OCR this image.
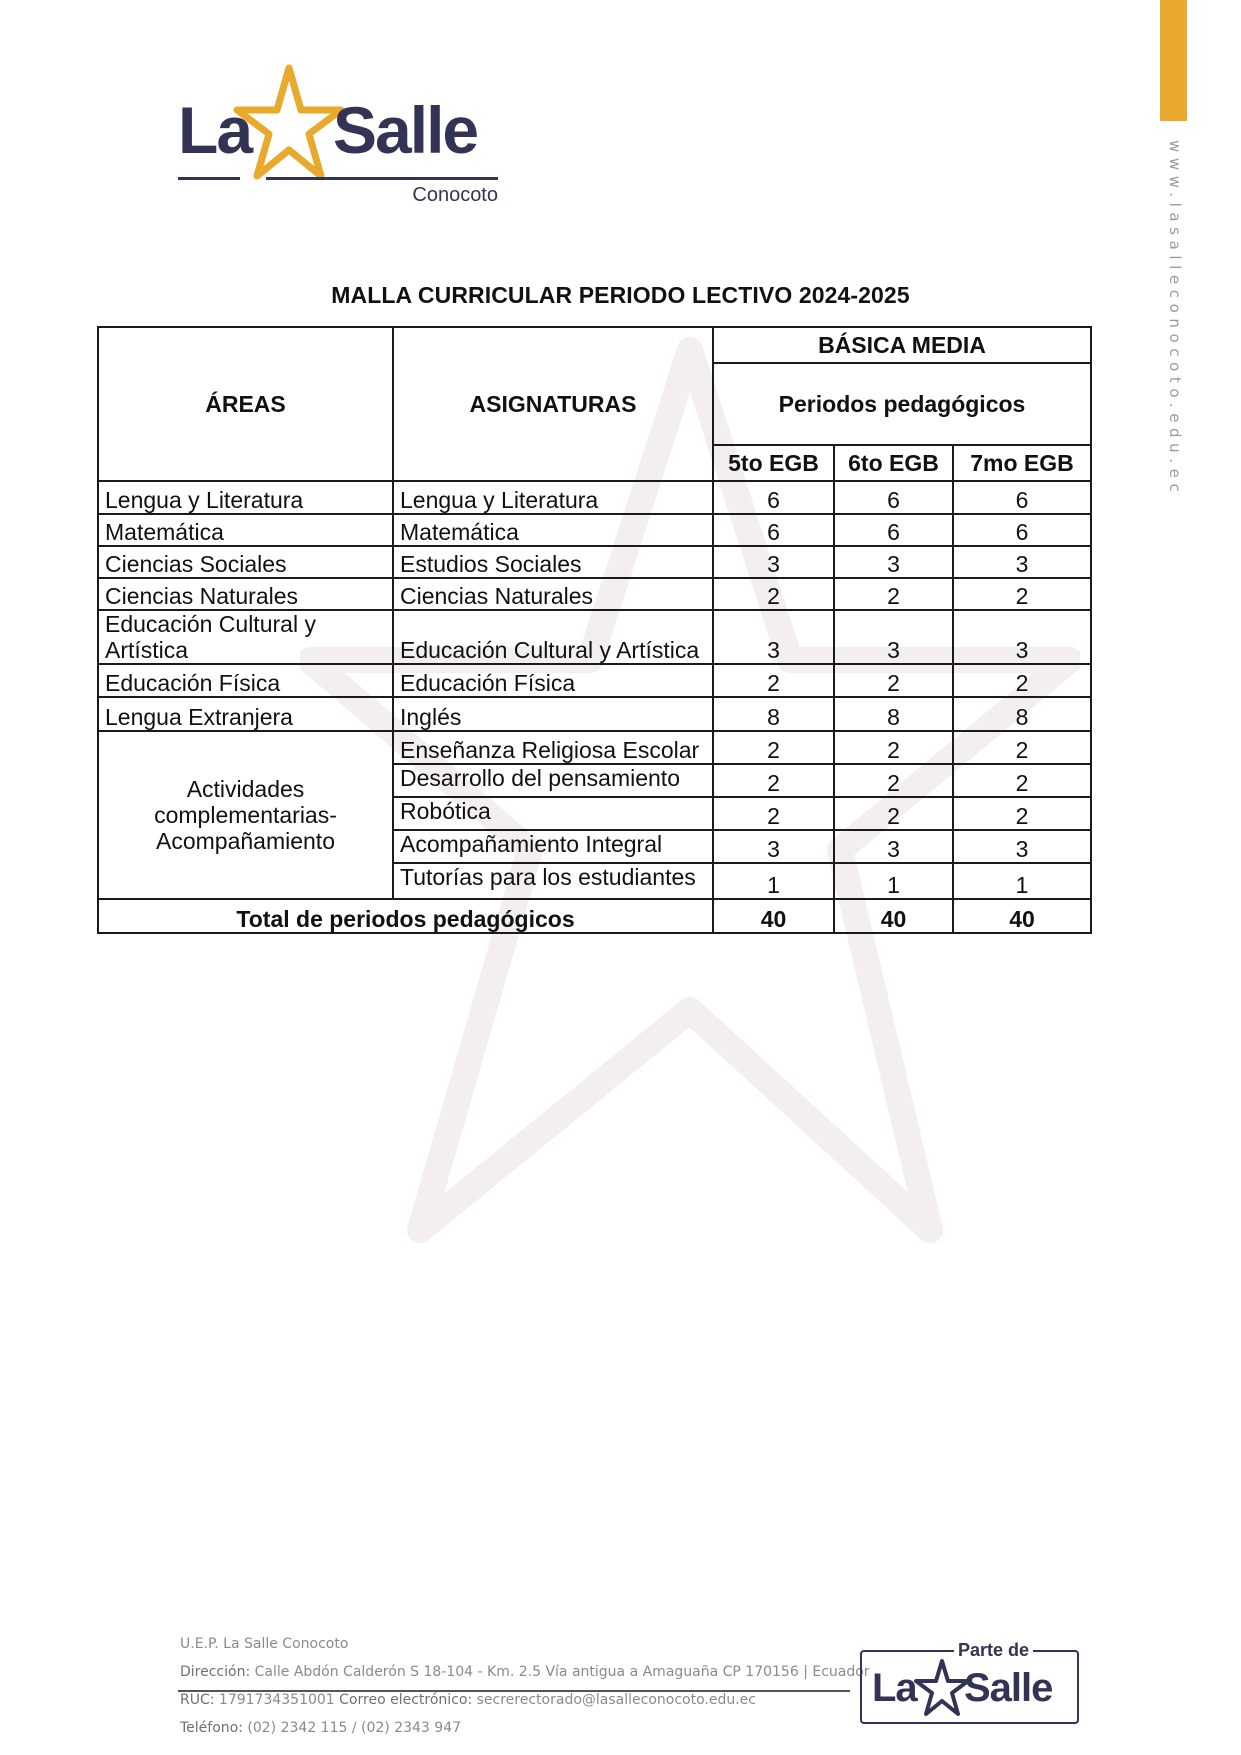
www.lasalleconocoto.edu.ec
La Salle
Conocoto
MALLA CURRICULAR PERIODO LECTIVO 2024-2025
ÁREAS	ASIGNATURAS	BÁSICA MEDIA		
		Periodos pedagógicos		
		5to EGB	6to EGB	7mo EGB
Lengua y Literatura	Lengua y Literatura	6	6	6
Matemática	Matemática	6	6	6
Ciencias Sociales	Estudios Sociales	3	3	3
Ciencias Naturales	Ciencias Naturales	2	2	2

Educación Cultural y
Artística	Educación Cultural y Artística	3	3	3
Educación Física	Educación Física	2	2	2
Lengua Extranjera	Inglés	8	8	8

Actividades
complementarias-
Acompañamiento	Enseñanza Religiosa Escolar	2	2	2
	Desarrollo del pensamiento	2	2	2
	Robótica	2	2	2
	Acompañamiento Integral	3	3	3
	Tutorías para los estudiantes	1	1	1
Total de periodos pedagógicos		40	40	40
U.E.P. La Salle Conocoto
Dirección: Calle Abdón Calderón S 18-104 - Km. 2.5 Vía antigua a Amaguaña CP 170156 | Ecuador
RUC: 1791734351001 Correo electrónico: secrerectorado@lasalleconocoto.edu.ec
Teléfono: (02) 2342 115 / (02) 2343 947
Parte de
La Salle
